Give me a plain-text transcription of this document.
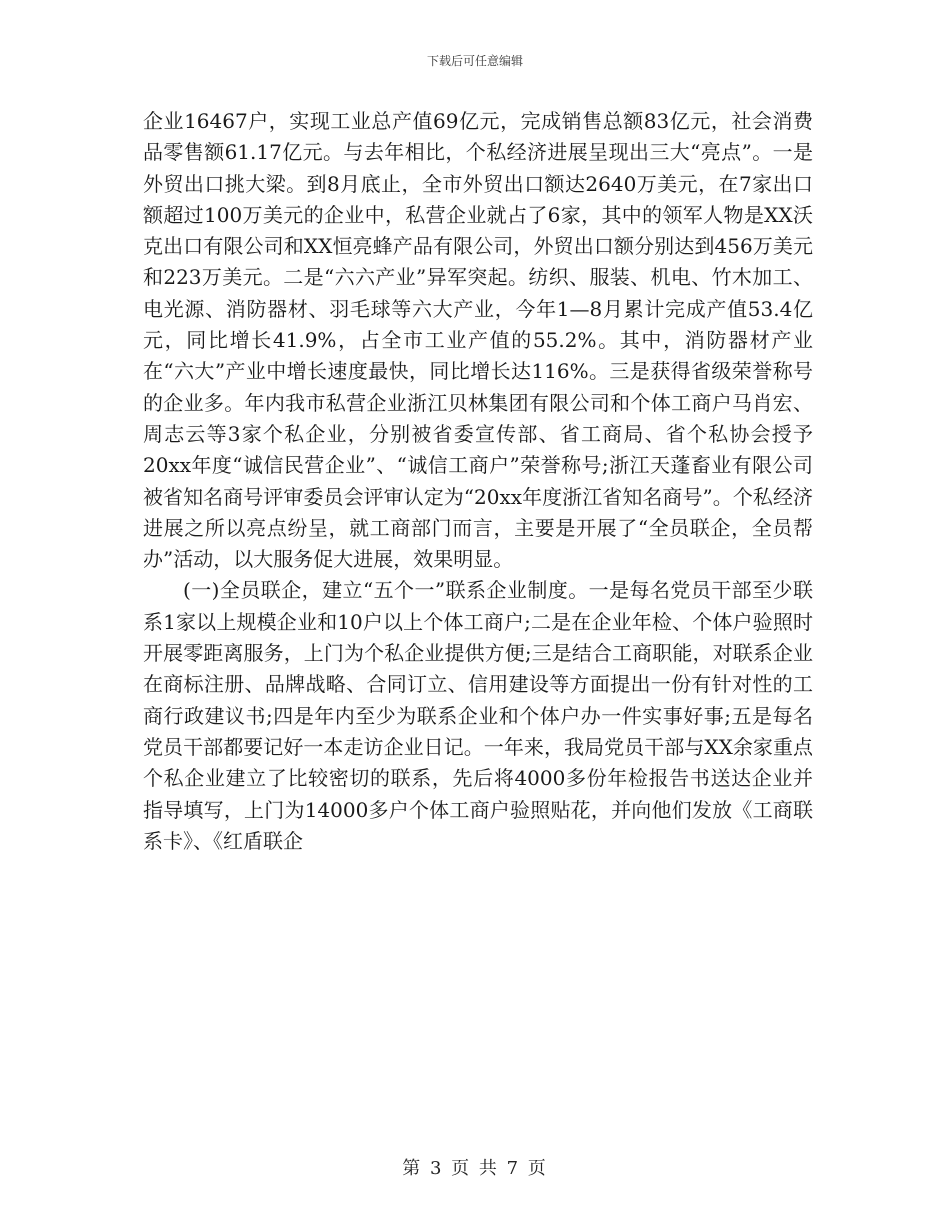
下载后可任意编辑

企业16467户，实现工业总产值69亿元，完成销售总额83亿元，社会消费品零售额61.17亿元。与去年相比，个私经济进展呈现出三大“亮点”。一是外贸出口挑大梁。到8月底止，全市外贸出口额达2640万美元，在7家出口额超过100万美元的企业中，私营企业就占了6家，其中的领军人物是XX沃克出口有限公司和XX恒亮蜂产品有限公司，外贸出口额分别达到456万美元和223万美元。二是“六六产业”异军突起。纺织、服装、机电、竹木加工、电光源、消防器材、羽毛球等六大产业，今年1—8月累计完成产值53.4亿元，同比增长41.9%，占全市工业产值的55.2%。其中，消防器材产业在“六大”产业中增长速度最快，同比增长达116%。三是获得省级荣誉称号的企业多。年内我市私营企业浙江贝林集团有限公司和个体工商户马肖宏、周志云等3家个私企业，分别被省委宣传部、省工商局、省个私协会授予20xx年度“诚信民营企业”、“诚信工商户”荣誉称号;浙江天蓬畜业有限公司被省知名商号评审委员会评审认定为“20xx年度浙江省知名商号”。个私经济进展之所以亮点纷呈，就工商部门而言，主要是开展了“全员联企，全员帮办”活动，以大服务促大进展，效果明显。

(一)全员联企，建立“五个一”联系企业制度。一是每名党员干部至少联系1家以上规模企业和10户以上个体工商户;二是在企业年检、个体户验照时开展零距离服务，上门为个私企业提供方便;三是结合工商职能，对联系企业在商标注册、品牌战略、合同订立、信用建设等方面提出一份有针对性的工商行政建议书;四是年内至少为联系企业和个体户办一件实事好事;五是每名党员干部都要记好一本走访企业日记。一年来，我局党员干部与XX余家重点个私企业建立了比较密切的联系，先后将4000多份年检报告书送达企业并指导填写，上门为14000多户个体工商户验照贴花，并向他们发放《工商联系卡》、《红盾联企

第 3 页 共 7 页
